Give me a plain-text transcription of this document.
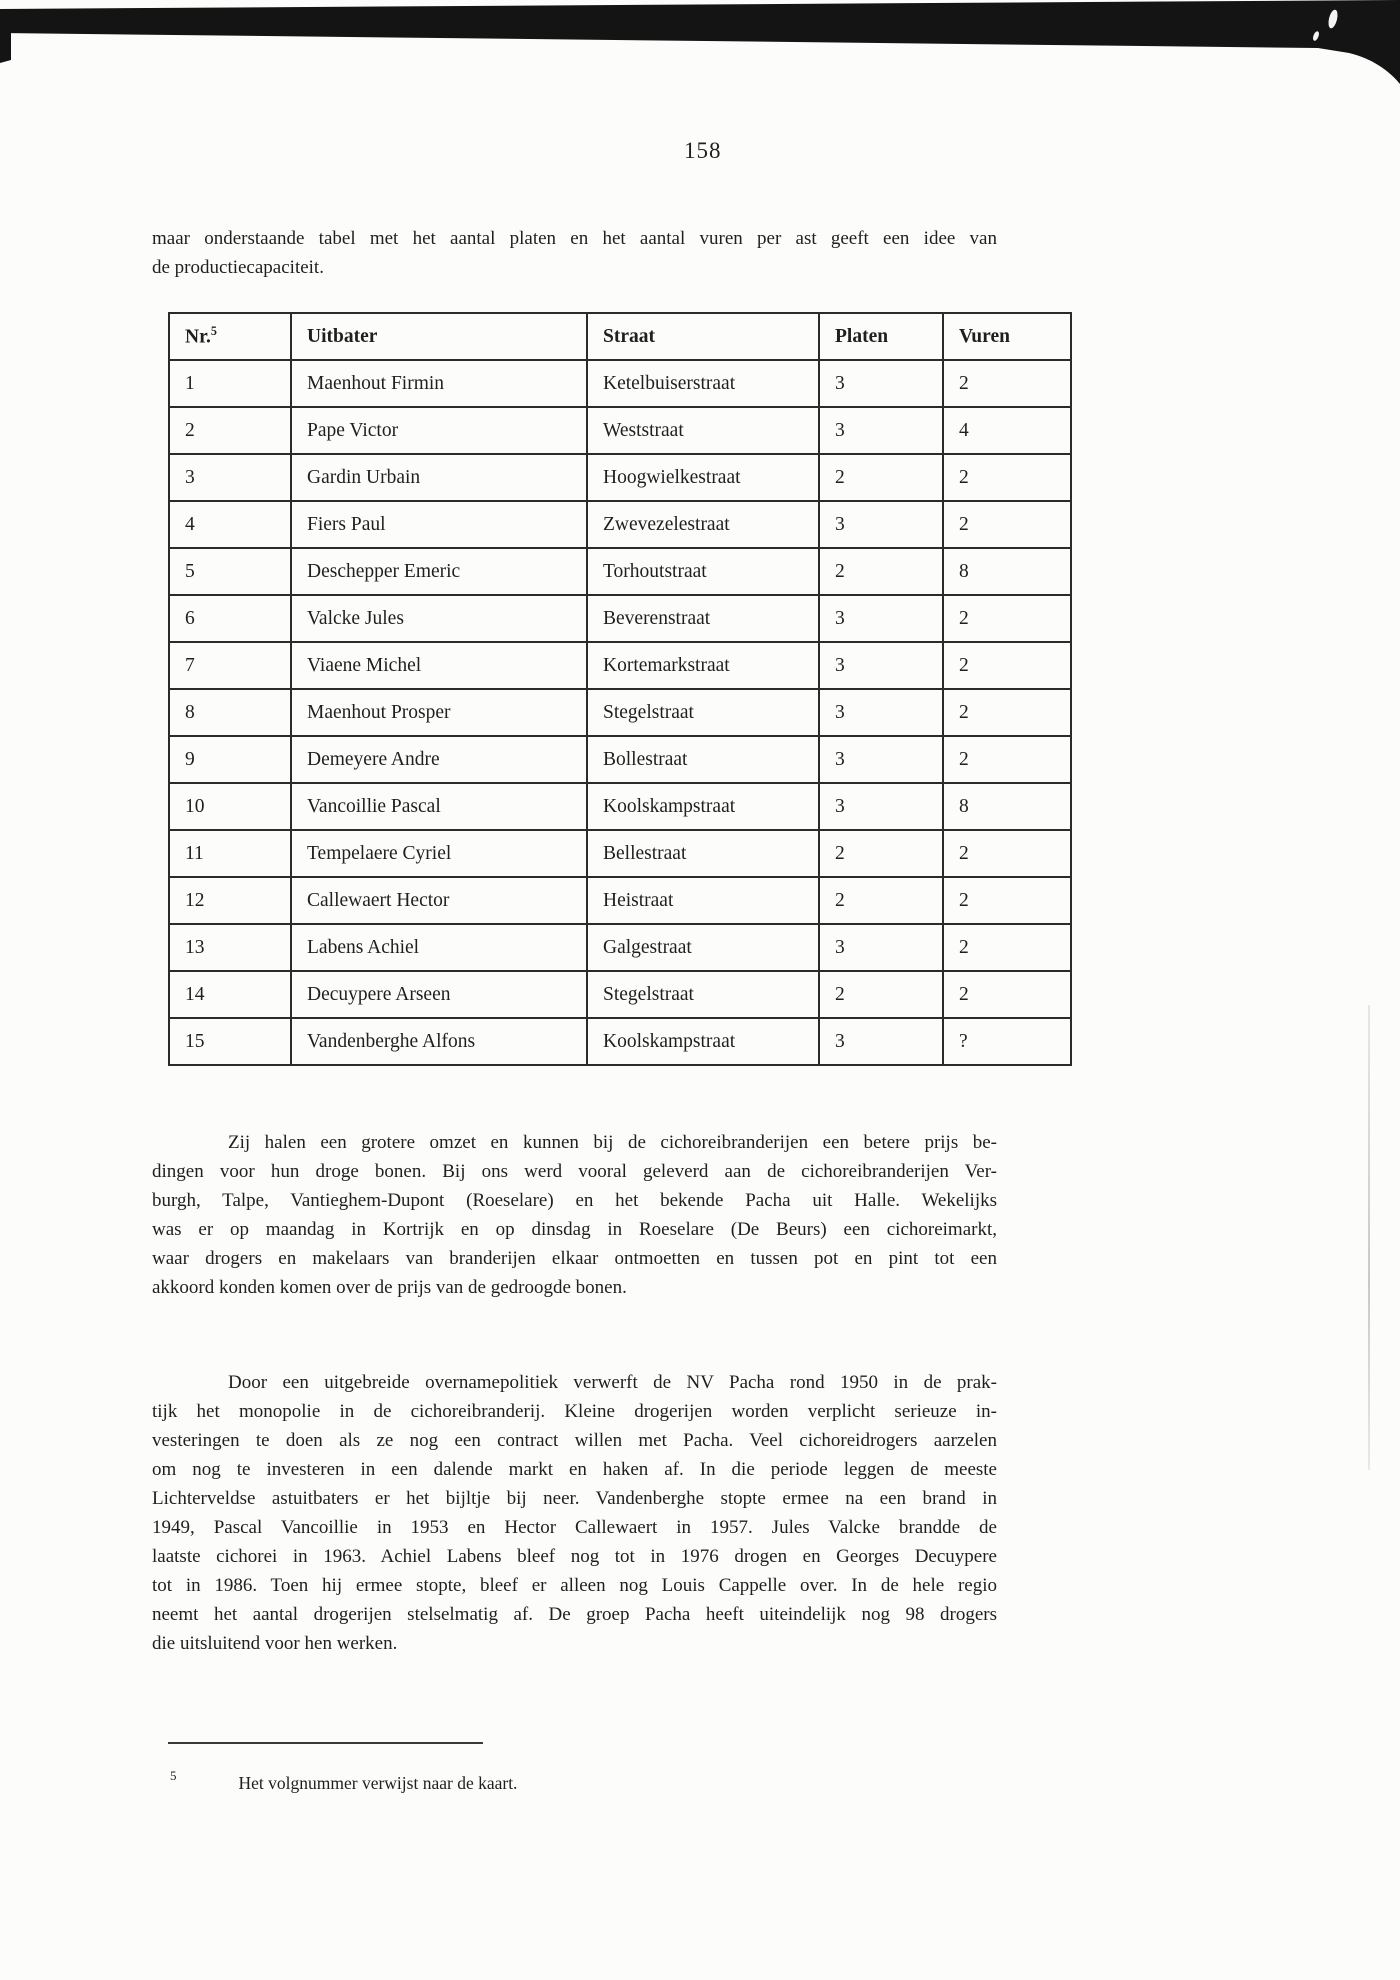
158
maar onderstaande tabel met het aantal platen en het aantal vuren per ast geeft een idee van
de productiecapaciteit.
Nr.$^5$	Uitbater	Straat	Platen	Vuren
1	Maenhout Firmin	Ketelbuiserstraat	3	2
2	Pape Victor	Weststraat	3	4
3	Gardin Urbain	Hoogwielkestraat	2	2
4	Fiers Paul	Zwevezelestraat	3	2
5	Deschepper Emeric	Torhoutstraat	2	8
6	Valcke Jules	Beverenstraat	3	2
7	Viaene Michel	Kortemarkstraat	3	2
8	Maenhout Prosper	Stegelstraat	3	2
9	Demeyere Andre	Bollestraat	3	2
10	Vancoillie Pascal	Koolskampstraat	3	8
11	Tempelaere Cyriel	Bellestraat	2	2
12	Callewaert Hector	Heistraat	2	2
13	Labens Achiel	Galgestraat	3	2
14	Decuypere Arseen	Stegelstraat	2	2
15	Vandenberghe Alfons	Koolskampstraat	3	?
Zij halen een grotere omzet en kunnen bij de cichoreibranderijen een betere prijs be-
dingen voor hun droge bonen. Bij ons werd vooral geleverd aan de cichoreibranderijen Ver-
burgh, Talpe, Vantieghem-Dupont (Roeselare) en het bekende Pacha uit Halle. Wekelijks
was er op maandag in Kortrijk en op dinsdag in Roeselare (De Beurs) een cichoreimarkt,
waar drogers en makelaars van branderijen elkaar ontmoetten en tussen pot en pint tot een
akkoord konden komen over de prijs van de gedroogde bonen.
Door een uitgebreide overnamepolitiek verwerft de NV Pacha rond 1950 in de prak-
tijk het monopolie in de cichoreibranderij. Kleine drogerijen worden verplicht serieuze in-
vesteringen te doen als ze nog een contract willen met Pacha. Veel cichoreidrogers aarzelen
om nog te investeren in een dalende markt en haken af. In die periode leggen de meeste
Lichterveldse astuitbaters er het bijltje bij neer. Vandenberghe stopte ermee na een brand in
1949, Pascal Vancoillie in 1953 en Hector Callewaert in 1957. Jules Valcke brandde de
laatste cichorei in 1963. Achiel Labens bleef nog tot in 1976 drogen en Georges Decuypere
tot in 1986. Toen hij ermee stopte, bleef er alleen nog Louis Cappelle over. In de hele regio
neemt het aantal drogerijen stelselmatig af. De groep Pacha heeft uiteindelijk nog 98 drogers
die uitsluitend voor hen werken.
$^5$	Het volgnummer verwijst naar de kaart.
